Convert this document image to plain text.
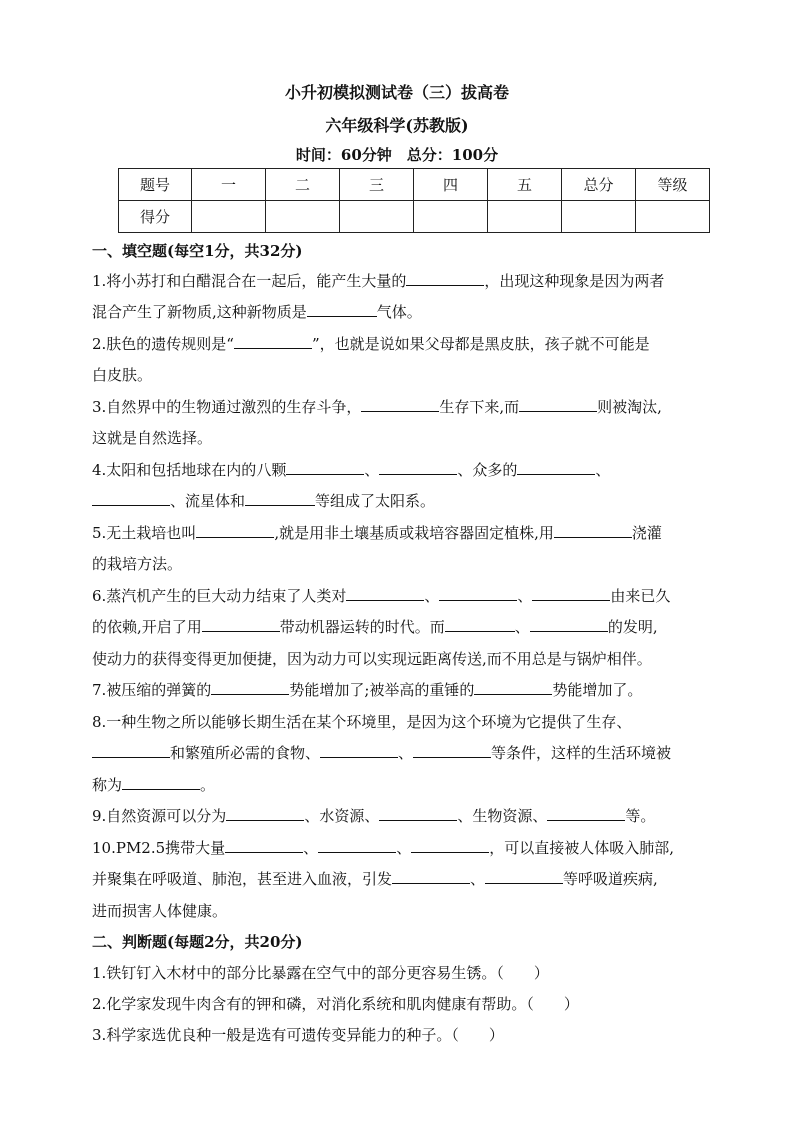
小升初模拟测试卷（三）拔高卷
六年级科学(苏教版)
时间：60分钟　总分：100分
题号	一	二	三	四	五	总分	等级
得分							
一、填空题(每空1分，共32分)
1.将小苏打和白醋混合在一起后，能产生大量的	，出现这种现象是因为两者
混合产生了新物质,这种新物质是	气体。
2.肤色的遗传规则是“	”，也就是说如果父母都是黑皮肤，孩子就不可能是
白皮肤。
3.自然界中的生物通过激烈的生存斗争，	生存下来,而	则被淘汰,
这就是自然选择。
4.太阳和包括地球在内的八颗	、	、众多的	、
、流星体和	等组成了太阳系。
5.无土栽培也叫	,就是用非土壤基质或栽培容器固定植株,用	浇灌
的栽培方法。
6.蒸汽机产生的巨大动力结束了人类对	、	、	由来已久
的依赖,开启了用	带动机器运转的时代。而	、	的发明,
使动力的获得变得更加便捷，因为动力可以实现远距离传送,而不用总是与锅炉相伴。
7.被压缩的弹簧的	势能增加了;被举高的重锤的	势能增加了。
8.一种生物之所以能够长期生活在某个环境里，是因为这个环境为它提供了生存、
和繁殖所必需的食物、	、	等条件，这样的生活环境被
称为	。
9.自然资源可以分为	、水资源、	、生物资源、	等。
10.PM2.5携带大量	、	、	，可以直接被人体吸入肺部,
并聚集在呼吸道、肺泡，甚至进入血液，引发	、	等呼吸道疾病,
进而损害人体健康。
二、判断题(每题2分，共20分)
1.铁钉钉入木材中的部分比暴露在空气中的部分更容易生锈。（　　）
2.化学家发现牛肉含有的钾和磷，对消化系统和肌肉健康有帮助。（　　）
3.科学家选优良种一般是选有可遗传变异能力的种子。（　　）
